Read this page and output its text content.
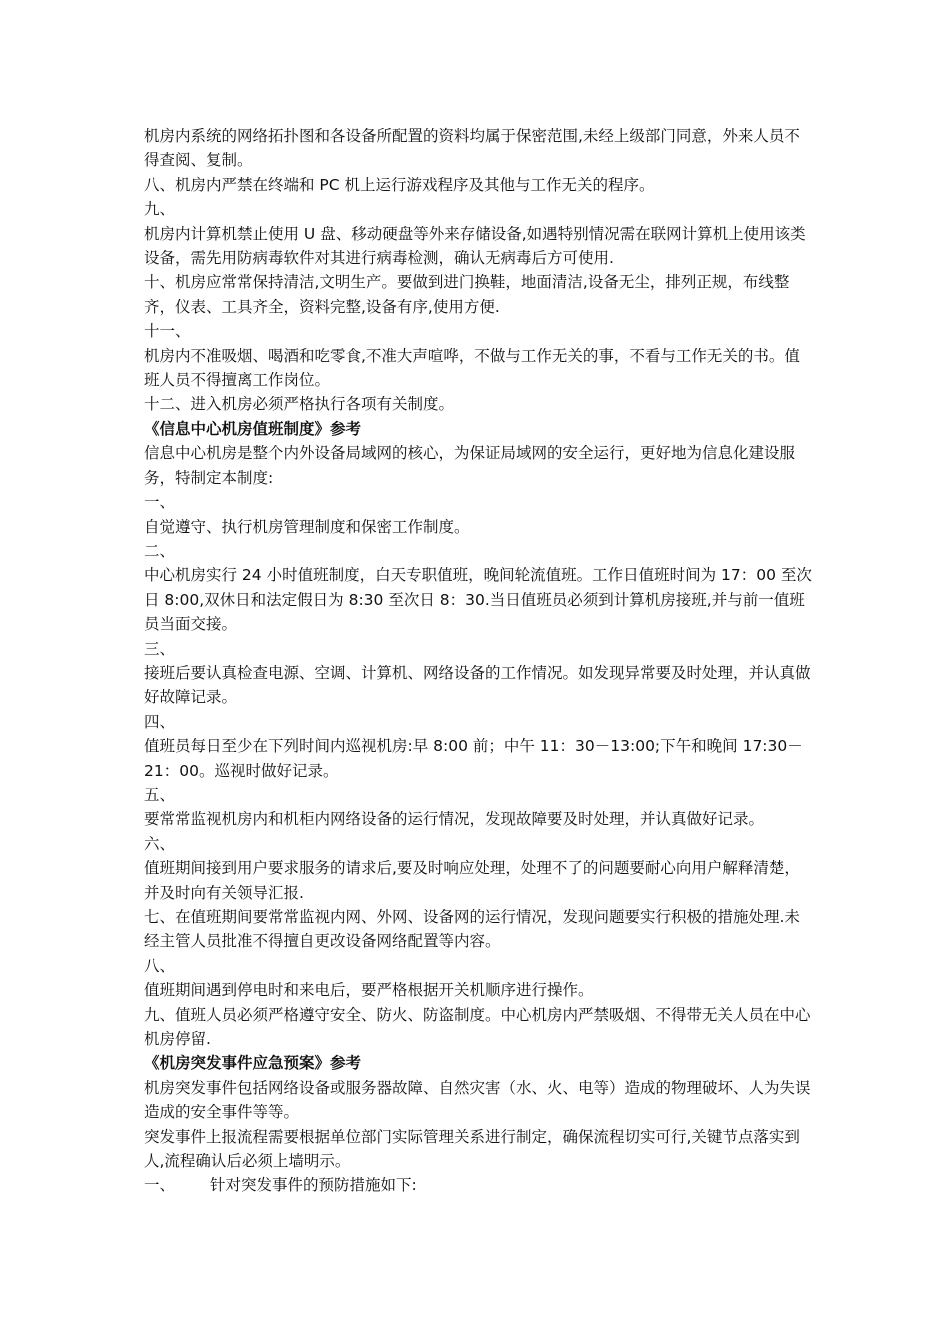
机房内系统的网络拓扑图和各设备所配置的资料均属于保密范围,未经上级部门同意，外来人员不得查阅、复制。

八、机房内严禁在终端和 PC 机上运行游戏程序及其他与工作无关的程序。

九、

机房内计算机禁止使用 U 盘、移动硬盘等外来存储设备,如遇特别情况需在联网计算机上使用该类设备，需先用防病毒软件对其进行病毒检测，确认无病毒后方可使用.

十、机房应常常保持清洁,文明生产。要做到进门换鞋，地面清洁,设备无尘，排列正规，布线整齐，仪表、工具齐全，资料完整,设备有序,使用方便.

十一、

机房内不准吸烟、喝酒和吃零食,不准大声喧哗，不做与工作无关的事，不看与工作无关的书。值班人员不得擅离工作岗位。

十二、进入机房必须严格执行各项有关制度。

《信息中心机房值班制度》参考

信息中心机房是整个内外设备局域网的核心，为保证局域网的安全运行，更好地为信息化建设服务，特制定本制度:

一、

自觉遵守、执行机房管理制度和保密工作制度。

二、

中心机房实行 24 小时值班制度，白天专职值班，晚间轮流值班。工作日值班时间为 17：00 至次日 8:00,双休日和法定假日为 8:30 至次日 8：30.当日值班员必须到计算机房接班,并与前一值班员当面交接。

三、

接班后要认真检查电源、空调、计算机、网络设备的工作情况。如发现异常要及时处理，并认真做好故障记录。

四、

值班员每日至少在下列时间内巡视机房:早 8:00 前；中午 11：30－13:00;下午和晚间 17:30－21：00。巡视时做好记录。

五、

要常常监视机房内和机柜内网络设备的运行情况，发现故障要及时处理，并认真做好记录。

六、

值班期间接到用户要求服务的请求后,要及时响应处理，处理不了的问题要耐心向用户解释清楚，并及时向有关领导汇报.

七、在值班期间要常常监视内网、外网、设备网的运行情况，发现问题要实行积极的措施处理.未经主管人员批准不得擅自更改设备网络配置等内容。

八、

值班期间遇到停电时和来电后，要严格根据开关机顺序进行操作。

九、值班人员必须严格遵守安全、防火、防盗制度。中心机房内严禁吸烟、不得带无关人员在中心机房停留.

《机房突发事件应急预案》参考

机房突发事件包括网络设备或服务器故障、自然灾害（水、火、电等）造成的物理破坏、人为失误造成的安全事件等等。

突发事件上报流程需要根据单位部门实际管理关系进行制定，确保流程切实可行,关键节点落实到人,流程确认后必须上墙明示。

一、 针对突发事件的预防措施如下:
